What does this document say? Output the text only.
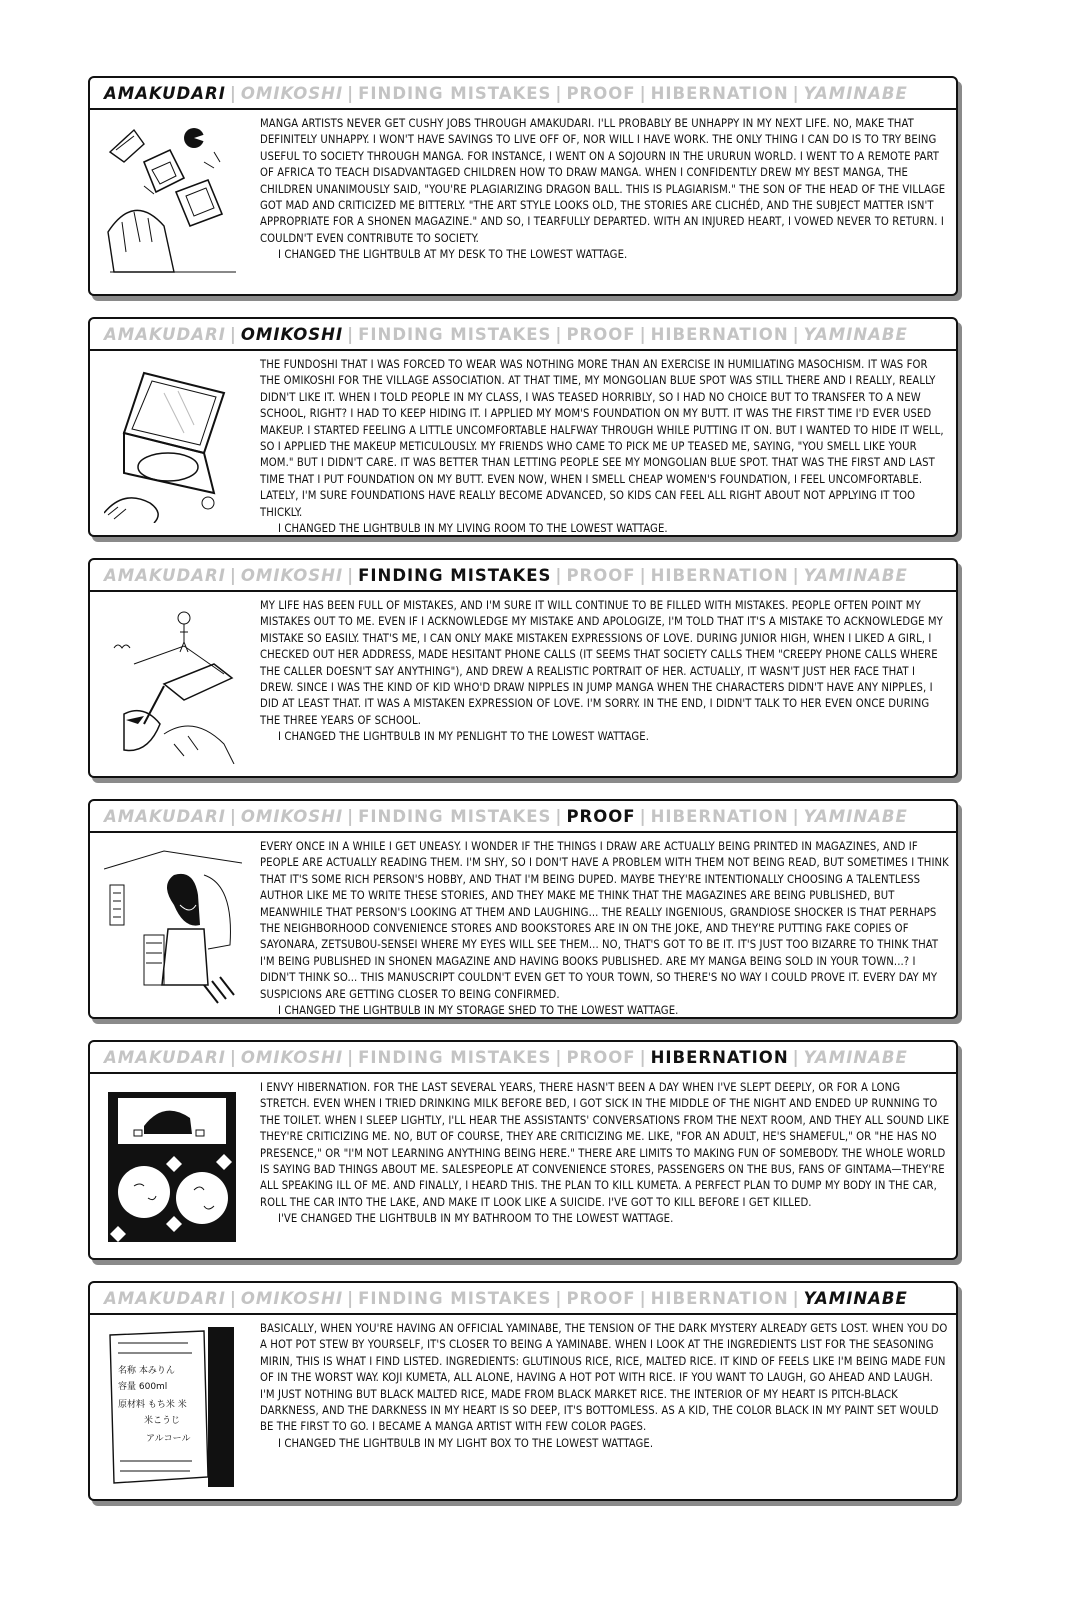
AMAKUDARI | OMIKOSHI | FINDING MISTAKES | PROOF | HIBERNATION | YAMINABE

MANGA ARTISTS NEVER GET CUSHY JOBS THROUGH AMAKUDARI. I'LL PROBABLY BE UNHAPPY IN MY NEXT LIFE. NO, MAKE THAT DEFINITELY UNHAPPY. I WON'T HAVE SAVINGS TO LIVE OFF OF, NOR WILL I HAVE WORK. THE ONLY THING I CAN DO IS TO TRY BEING USEFUL TO SOCIETY THROUGH MANGA. FOR INSTANCE, I WENT ON A SOJOURN IN THE URURUN WORLD. I WENT TO A REMOTE PART OF AFRICA TO TEACH DISADVANTAGED CHILDREN HOW TO DRAW MANGA. WHEN I CONFIDENTLY DREW MY BEST MANGA, THE CHILDREN UNANIMOUSLY SAID, "YOU'RE PLAGIARIZING DRAGON BALL. THIS IS PLAGIARISM." THE SON OF THE HEAD OF THE VILLAGE GOT MAD AND CRITICIZED ME BITTERLY. "THE ART STYLE LOOKS OLD, THE STORIES ARE CLICHÉD, AND THE SUBJECT MATTER ISN'T APPROPRIATE FOR A SHONEN MAGAZINE." AND SO, I TEARFULLY DEPARTED. WITH AN INJURED HEART, I VOWED NEVER TO RETURN. I COULDN'T EVEN CONTRIBUTE TO SOCIETY.

I CHANGED THE LIGHTBULB AT MY DESK TO THE LOWEST WATTAGE.

AMAKUDARI | OMIKOSHI | FINDING MISTAKES | PROOF | HIBERNATION | YAMINABE

THE FUNDOSHI THAT I WAS FORCED TO WEAR WAS NOTHING MORE THAN AN EXERCISE IN HUMILIATING MASOCHISM. IT WAS FOR THE OMIKOSHI FOR THE VILLAGE ASSOCIATION. AT THAT TIME, MY MONGOLIAN BLUE SPOT WAS STILL THERE AND I REALLY, REALLY DIDN'T LIKE IT. WHEN I TOLD PEOPLE IN MY CLASS, I WAS TEASED HORRIBLY, SO I HAD NO CHOICE BUT TO TRANSFER TO A NEW SCHOOL, RIGHT? I HAD TO KEEP HIDING IT. I APPLIED MY MOM'S FOUNDATION ON MY BUTT. IT WAS THE FIRST TIME I'D EVER USED MAKEUP. I STARTED FEELING A LITTLE UNCOMFORTABLE HALFWAY THROUGH WHILE PUTTING IT ON. BUT I WANTED TO HIDE IT WELL, SO I APPLIED THE MAKEUP METICULOUSLY. MY FRIENDS WHO CAME TO PICK ME UP TEASED ME, SAYING, "YOU SMELL LIKE YOUR MOM." BUT I DIDN'T CARE. IT WAS BETTER THAN LETTING PEOPLE SEE MY MONGOLIAN BLUE SPOT. THAT WAS THE FIRST AND LAST TIME THAT I PUT FOUNDATION ON MY BUTT. EVEN NOW, WHEN I SMELL CHEAP WOMEN'S FOUNDATION, I FEEL UNCOMFORTABLE. LATELY, I'M SURE FOUNDATIONS HAVE REALLY BECOME ADVANCED, SO KIDS CAN FEEL ALL RIGHT ABOUT NOT APPLYING IT TOO THICKLY.

I CHANGED THE LIGHTBULB IN MY LIVING ROOM TO THE LOWEST WATTAGE.

AMAKUDARI | OMIKOSHI | FINDING MISTAKES | PROOF | HIBERNATION | YAMINABE

MY LIFE HAS BEEN FULL OF MISTAKES, AND I'M SURE IT WILL CONTINUE TO BE FILLED WITH MISTAKES. PEOPLE OFTEN POINT MY MISTAKES OUT TO ME. EVEN IF I ACKNOWLEDGE MY MISTAKE AND APOLOGIZE, I'M TOLD THAT IT'S A MISTAKE TO ACKNOWLEDGE MY MISTAKE SO EASILY. THAT'S ME, I CAN ONLY MAKE MISTAKEN EXPRESSIONS OF LOVE. DURING JUNIOR HIGH, WHEN I LIKED A GIRL, I CHECKED OUT HER ADDRESS, MADE HESITANT PHONE CALLS (IT SEEMS THAT SOCIETY CALLS THEM "CREEPY PHONE CALLS WHERE THE CALLER DOESN'T SAY ANYTHING"), AND DREW A REALISTIC PORTRAIT OF HER. ACTUALLY, IT WASN'T JUST HER FACE THAT I DREW. SINCE I WAS THE KIND OF KID WHO'D DRAW NIPPLES IN JUMP MANGA WHEN THE CHARACTERS DIDN'T HAVE ANY NIPPLES, I DID AT LEAST THAT. IT WAS A MISTAKEN EXPRESSION OF LOVE. I'M SORRY. IN THE END, I DIDN'T TALK TO HER EVEN ONCE DURING THE THREE YEARS OF SCHOOL.

I CHANGED THE LIGHTBULB IN MY PENLIGHT TO THE LOWEST WATTAGE.

AMAKUDARI | OMIKOSHI | FINDING MISTAKES | PROOF | HIBERNATION | YAMINABE

EVERY ONCE IN A WHILE I GET UNEASY. I WONDER IF THE THINGS I DRAW ARE ACTUALLY BEING PRINTED IN MAGAZINES, AND IF PEOPLE ARE ACTUALLY READING THEM. I'M SHY, SO I DON'T HAVE A PROBLEM WITH THEM NOT BEING READ, BUT SOMETIMES I THINK THAT IT'S SOME RICH PERSON'S HOBBY, AND THAT I'M BEING DUPED. MAYBE THEY'RE INTENTIONALLY CHOOSING A TALENTLESS AUTHOR LIKE ME TO WRITE THESE STORIES, AND THEY MAKE ME THINK THAT THE MAGAZINES ARE BEING PUBLISHED, BUT MEANWHILE THAT PERSON'S LOOKING AT THEM AND LAUGHING... THE REALLY INGENIOUS, GRANDIOSE SHOCKER IS THAT PERHAPS THE NEIGHBORHOOD CONVENIENCE STORES AND BOOKSTORES ARE IN ON THE JOKE, AND THEY'RE PUTTING FAKE COPIES OF SAYONARA, ZETSUBOU-SENSEI WHERE MY EYES WILL SEE THEM... NO, THAT'S GOT TO BE IT. IT'S JUST TOO BIZARRE TO THINK THAT I'M BEING PUBLISHED IN SHONEN MAGAZINE AND HAVING BOOKS PUBLISHED. ARE MY MANGA BEING SOLD IN YOUR TOWN...? I DIDN'T THINK SO... THIS MANUSCRIPT COULDN'T EVEN GET TO YOUR TOWN, SO THERE'S NO WAY I COULD PROVE IT. EVERY DAY MY SUSPICIONS ARE GETTING CLOSER TO BEING CONFIRMED.

I CHANGED THE LIGHTBULB IN MY STORAGE SHED TO THE LOWEST WATTAGE.

AMAKUDARI | OMIKOSHI | FINDING MISTAKES | PROOF | HIBERNATION | YAMINABE

I ENVY HIBERNATION. FOR THE LAST SEVERAL YEARS, THERE HASN'T BEEN A DAY WHEN I'VE SLEPT DEEPLY, OR FOR A LONG STRETCH. EVEN WHEN I TRIED DRINKING MILK BEFORE BED, I GOT SICK IN THE MIDDLE OF THE NIGHT AND ENDED UP RUNNING TO THE TOILET. WHEN I SLEEP LIGHTLY, I'LL HEAR THE ASSISTANTS' CONVERSATIONS FROM THE NEXT ROOM, AND THEY ALL SOUND LIKE THEY'RE CRITICIZING ME. NO, BUT OF COURSE, THEY ARE CRITICIZING ME. LIKE, "FOR AN ADULT, HE'S SHAMEFUL," OR "HE HAS NO PRESENCE," OR "I'M NOT LEARNING ANYTHING BEING HERE." THERE ARE LIMITS TO MAKING FUN OF SOMEBODY. THE WHOLE WORLD IS SAYING BAD THINGS ABOUT ME. SALESPEOPLE AT CONVENIENCE STORES, PASSENGERS ON THE BUS, FANS OF GINTAMA—THEY'RE ALL SPEAKING ILL OF ME. AND FINALLY, I HEARD THIS. THE PLAN TO KILL KUMETA. A PERFECT PLAN TO DUMP MY BODY IN THE CAR, ROLL THE CAR INTO THE LAKE, AND MAKE IT LOOK LIKE A SUICIDE. I'VE GOT TO KILL BEFORE I GET KILLED.

I'VE CHANGED THE LIGHTBULB IN MY BATHROOM TO THE LOWEST WATTAGE.

AMAKUDARI | OMIKOSHI | FINDING MISTAKES | PROOF | HIBERNATION | YAMINABE
名称 本みりん
容量 600ml
原材料 もち米 米
米こうじ
アルコール

BASICALLY, WHEN YOU'RE HAVING AN OFFICIAL YAMINABE, THE TENSION OF THE DARK MYSTERY ALREADY GETS LOST. WHEN YOU DO A HOT POT STEW BY YOURSELF, IT'S CLOSER TO BEING A YAMINABE. WHEN I LOOK AT THE INGREDIENTS LIST FOR THE SEASONING MIRIN, THIS IS WHAT I FIND LISTED. INGREDIENTS: GLUTINOUS RICE, RICE, MALTED RICE. IT KIND OF FEELS LIKE I'M BEING MADE FUN OF IN THE WORST WAY. KOJI KUMETA, ALL ALONE, HAVING A HOT POT WITH RICE. IF YOU WANT TO LAUGH, GO AHEAD AND LAUGH. I'M JUST NOTHING BUT BLACK MALTED RICE, MADE FROM BLACK MARKET RICE. THE INTERIOR OF MY HEART IS PITCH-BLACK DARKNESS, AND THE DARKNESS IN MY HEART IS SO DEEP, IT'S BOTTOMLESS. AS A KID, THE COLOR BLACK IN MY PAINT SET WOULD BE THE FIRST TO GO. I BECAME A MANGA ARTIST WITH FEW COLOR PAGES.

I CHANGED THE LIGHTBULB IN MY LIGHT BOX TO THE LOWEST WATTAGE.
